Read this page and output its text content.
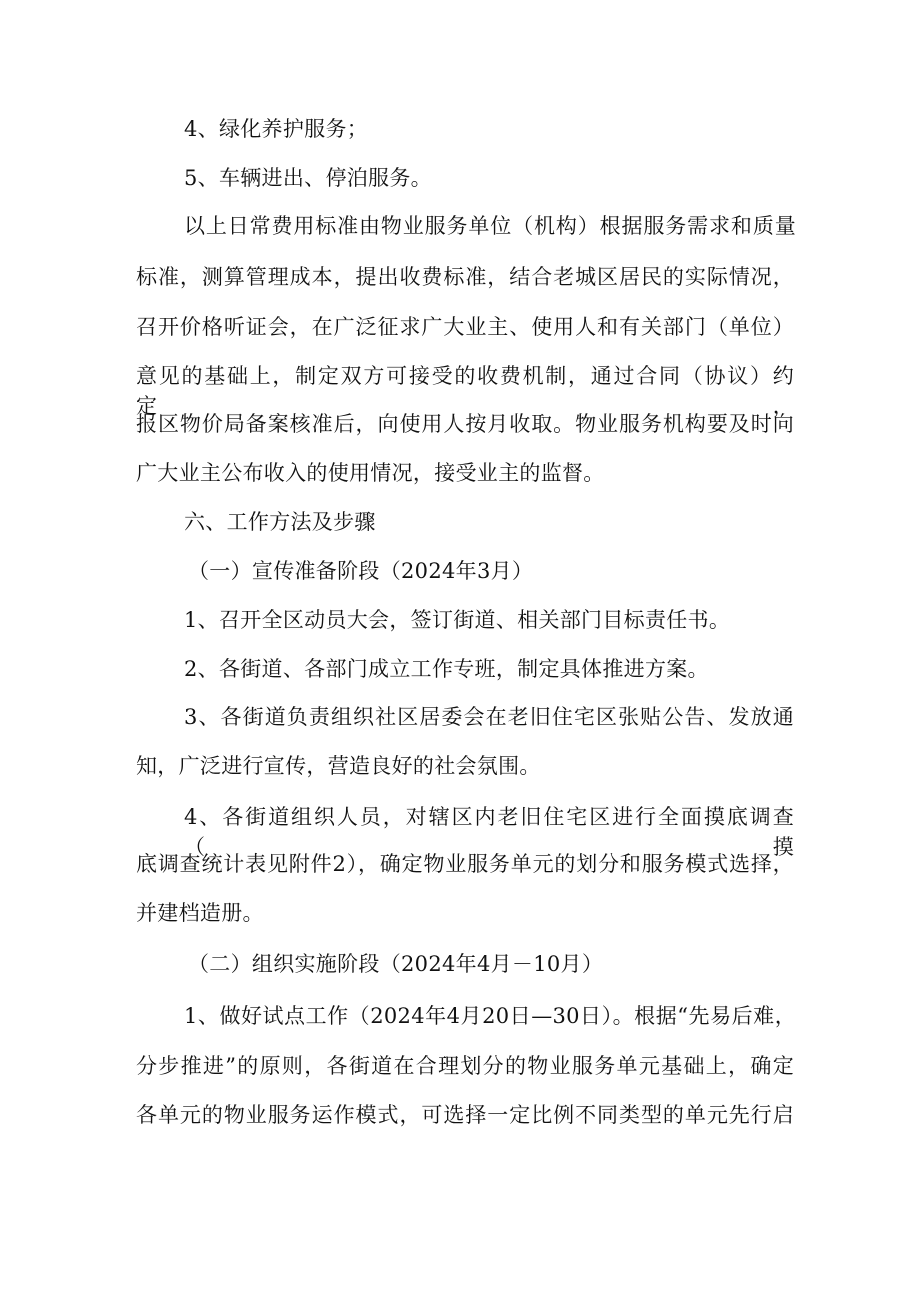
4、绿化养护服务；
5、车辆进出、停泊服务。
以上日常费用标准由物业服务单位（机构）根据服务需求和质量
标准，测算管理成本，提出收费标准，结合老城区居民的实际情况，
召开价格听证会，在广泛征求广大业主、使用人和有关部门（单位）
意见的基础上，制定双方可接受的收费机制，通过合同（协议）约定，
报区物价局备案核准后，向使用人按月收取。物业服务机构要及时向
广大业主公布收入的使用情况，接受业主的监督。
六、工作方法及步骤
（一）宣传准备阶段（2024年3月）
1、召开全区动员大会，签订街道、相关部门目标责任书。
2、各街道、各部门成立工作专班，制定具体推进方案。
3、各街道负责组织社区居委会在老旧住宅区张贴公告、发放通
知，广泛进行宣传，营造良好的社会氛围。
4、各街道组织人员，对辖区内老旧住宅区进行全面摸底调查（摸
底调查统计表见附件2），确定物业服务单元的划分和服务模式选择，
并建档造册。
（二）组织实施阶段（2024年4月－10月）
1、做好试点工作（2024年4月20日—30日）。根据“先易后难，
分步推进”的原则，各街道在合理划分的物业服务单元基础上，确定
各单元的物业服务运作模式，可选择一定比例不同类型的单元先行启
